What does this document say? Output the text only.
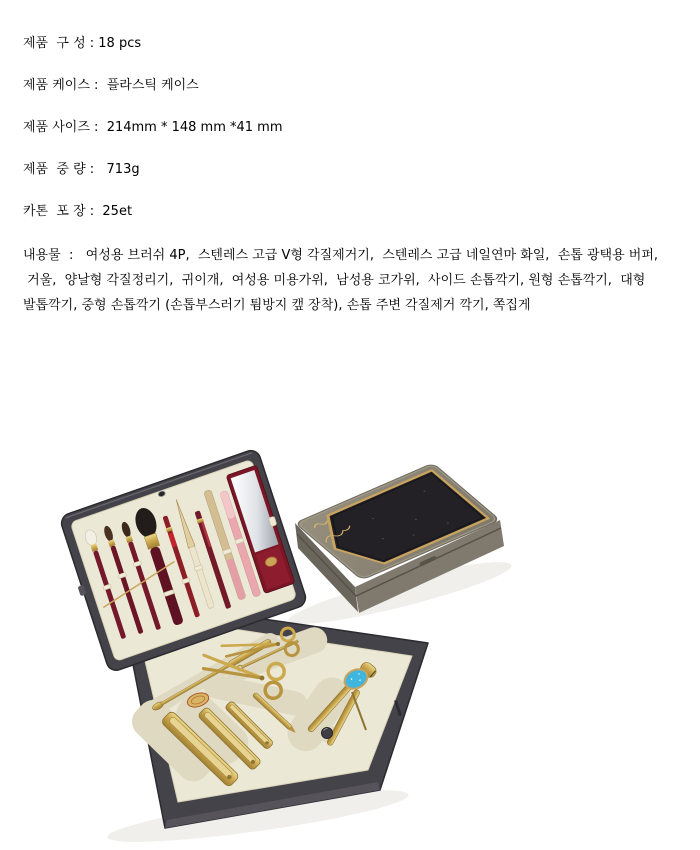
제품  구 성 : 18 pcs
제품 케이스 :  플라스틱 케이스
제품 사이즈 :  214mm * 148 mm *41 mm
제품  중 량 :   713g
카톤  포 장 :  25et
내용물  :   여성용 브러쉬 4P,  스텐레스 고급 V형 각질제거기,  스텐레스 고급 네일연마 화일,  손톱 광택용 버퍼,
거울,  양날형 각질정리기,  귀이개,  여성용 미용가위,  남성용 코가위,  사이드 손톱깍기, 원형 손톱깍기,  대형
발톱깍기, 중형 손톱깍기 (손톱부스러기 튐방지 캪 장착), 손톱 주변 각질제거 깍기, 쪽집게
